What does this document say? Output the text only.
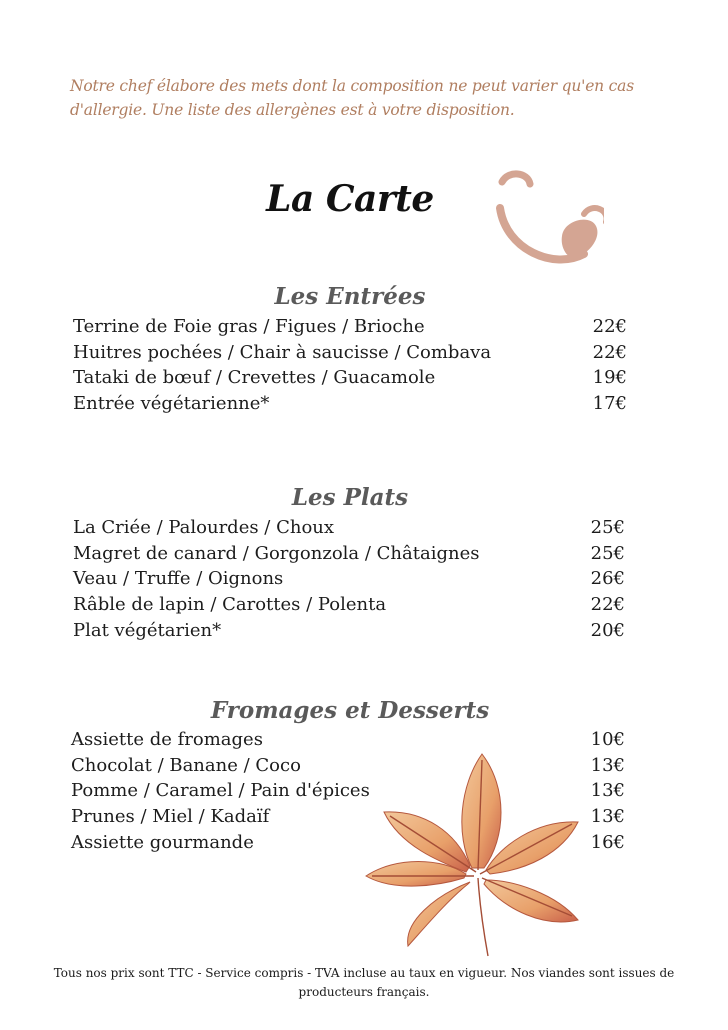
Notre chef élabore des mets dont la composition ne peut varier qu'en cas d'allergie. Une liste des allergènes est à votre disposition.
La Carte
Les Entrées
Terrine de Foie gras / Figues / Brioche	22€
Huitres pochées / Chair à saucisse / Combava	22€
Tataki de bœuf / Crevettes / Guacamole	19€
Entrée végétarienne*	17€
Les Plats
La Criée / Palourdes / Choux	25€
Magret de canard / Gorgonzola / Châtaignes	25€
Veau / Truffe / Oignons	26€
Râble de lapin / Carottes / Polenta	22€
Plat végétarien*	20€
Fromages et Desserts
Assiette de fromages	10€
Chocolat / Banane / Coco	13€
Pomme / Caramel / Pain d'épices	13€
Prunes / Miel / Kadaïf	13€
Assiette gourmande	16€
Tous nos prix sont TTC - Service compris - TVA incluse au taux en vigueur. Nos viandes sont issues de producteurs français.
